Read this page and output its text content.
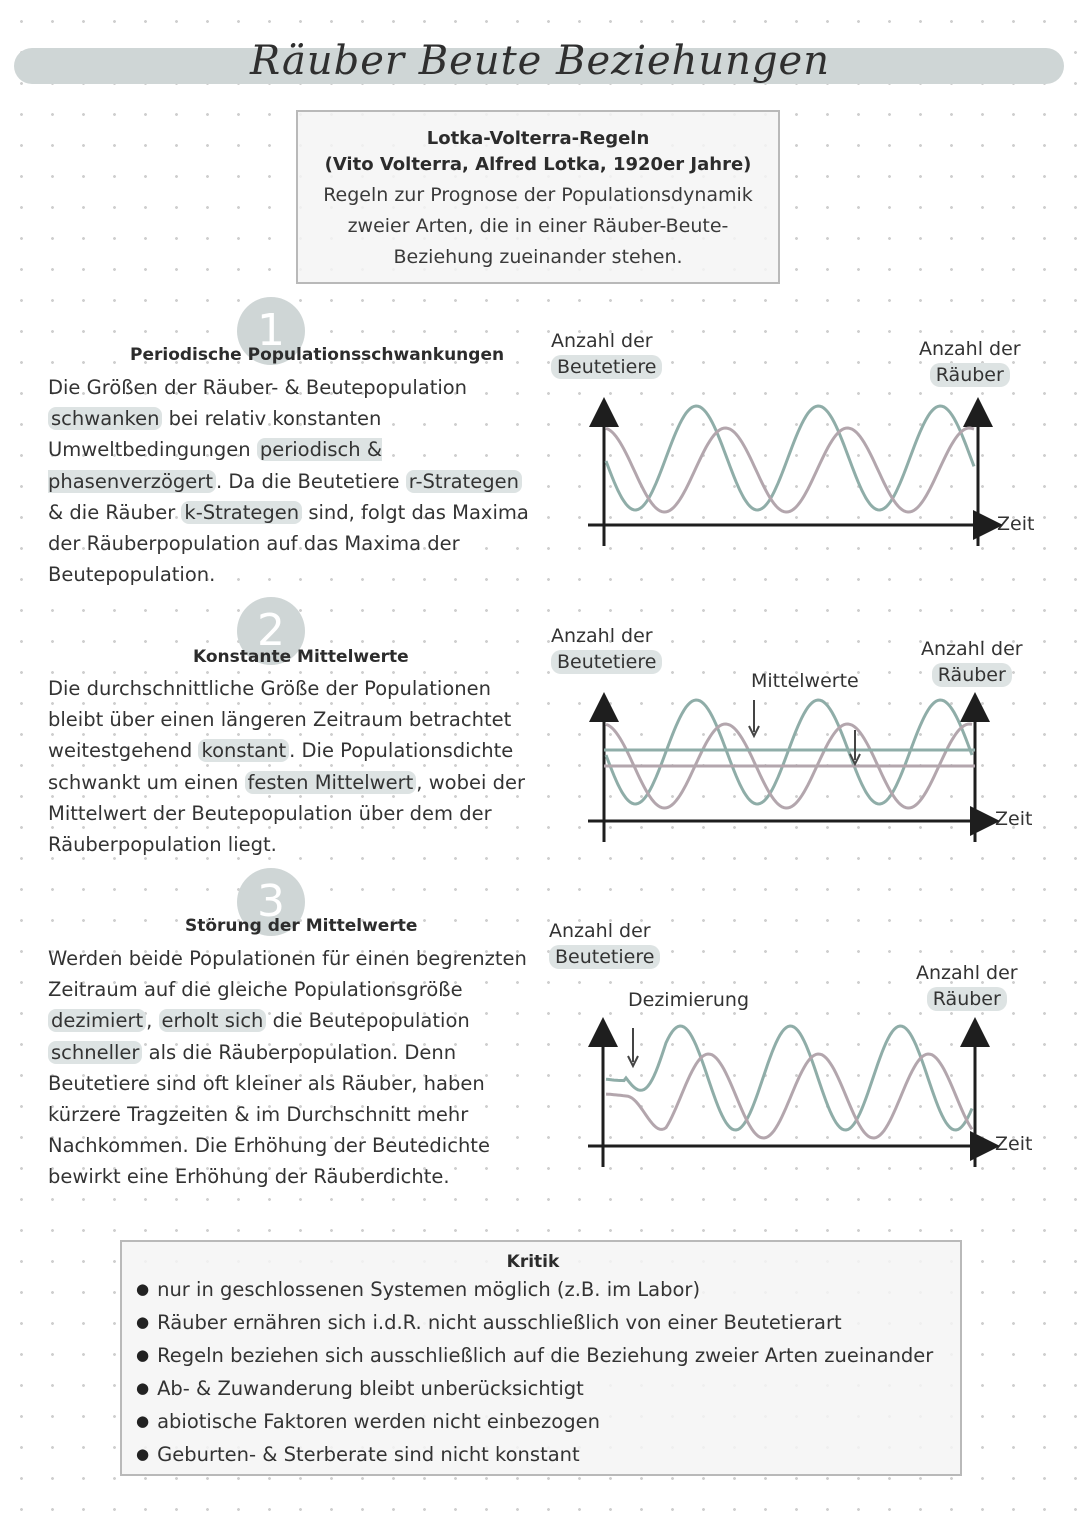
Räuber Beute Beziehungen
Lotka-Volterra-Regeln
(Vito Volterra, Alfred Lotka, 1920er Jahre)
Regeln zur Prognose der Populationsdynamik zweier Arten, die in einer Räuber-Beute-Beziehung zueinander stehen.
1
Periodische Populationsschwankungen
Die Größen der Räuber- & Beutepopulation schwanken bei relativ konstanten Umweltbedingungen periodisch & phasenverzögert . Da die Beutetiere r-Strategen & die Räuber k-Strategen sind, folgt das Maxima der Räuberpopulation auf das Maxima der Beutepopulation.
2
Konstante Mittelwerte
Die durchschnittliche Größe der Populationen bleibt über einen längeren Zeitraum betrachtet weitestgehend konstant . Die Populationsdichte schwankt um einen festen Mittelwert , wobei der Mittelwert der Beutepopulation über dem der Räuberpopulation liegt.
3
Störung der Mittelwerte
Werden beide Populationen für einen begrenzten Zeitraum auf die gleiche Populationsgröße dezimiert , erholt sich die Beutepopulation schneller als die Räuberpopulation. Denn Beutetiere sind oft kleiner als Räuber, haben kürzere Tragzeiten & im Durchschnitt mehr Nachkommen. Die Erhöhung der Beutedichte bewirkt eine Erhöhung der Räuberdichte.
Anzahl der
Beutetiere
Anzahl der
Räuber
Zeit
Anzahl der
Beutetiere
Anzahl der
Räuber
Mittelwerte
Zeit
Anzahl der
Beutetiere
Anzahl der
Räuber
Dezimierung
Zeit
Kritik
● nur in geschlossenen Systemen möglich (z.B. im Labor)
● Räuber ernähren sich i.d.R. nicht ausschließlich von einer Beutetierart
● Regeln beziehen sich ausschließlich auf die Beziehung zweier Arten zueinander
● Ab- & Zuwanderung bleibt unberücksichtigt
● abiotische Faktoren werden nicht einbezogen
● Geburten- & Sterberate sind nicht konstant
